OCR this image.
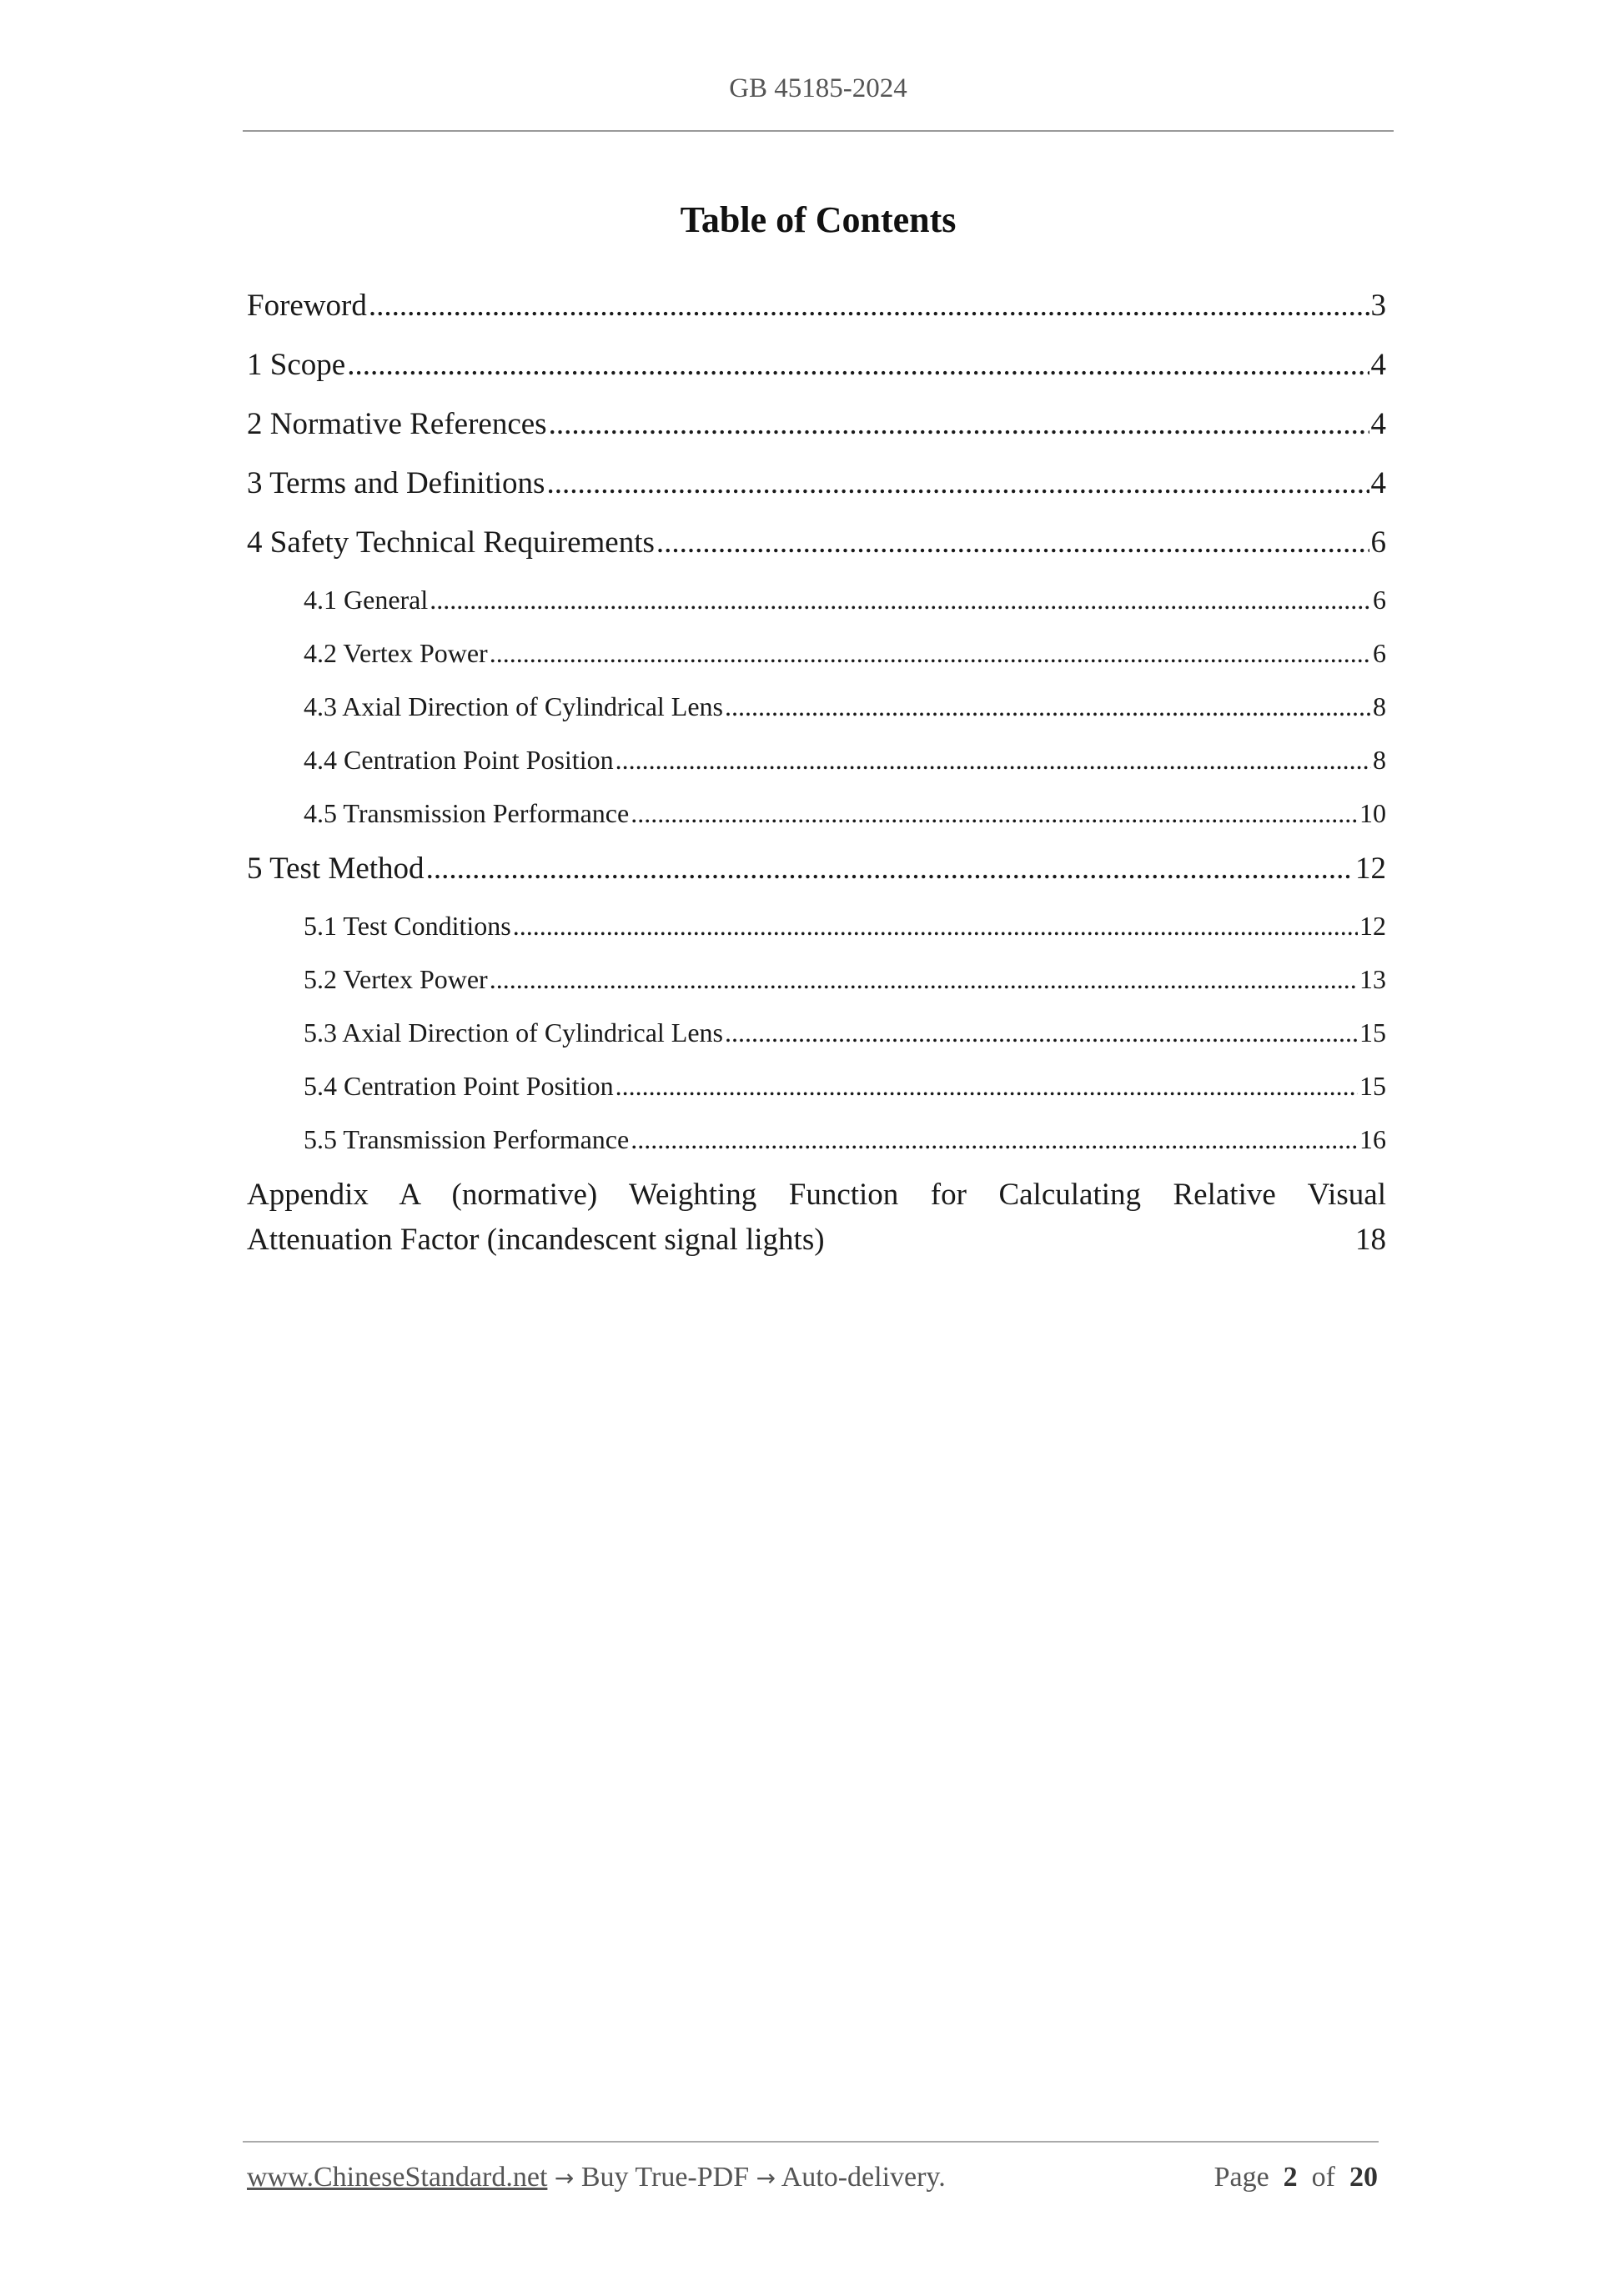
GB 45185-2024
Table of Contents
Foreword .....	3
1 Scope .....	4
2 Normative References .....	4
3 Terms and Definitions .....	4
4 Safety Technical Requirements .....	6
4.1 General .....	6
4.2 Vertex Power .....	6
4.3 Axial Direction of Cylindrical Lens .....	8
4.4 Centration Point Position .....	8
4.5 Transmission Performance .....	10
5 Test Method .....	12
5.1 Test Conditions .....	12
5.2 Vertex Power .....	13
5.3 Axial Direction of Cylindrical Lens .....	15
5.4 Centration Point Position .....	15
5.5 Transmission Performance .....	16
Appendix A (normative) Weighting Function for Calculating Relative Visual
Attenuation Factor (incandescent signal lights)	18
www.ChineseStandard.net → Buy True-PDF → Auto-delivery.	Page 2 of 20
